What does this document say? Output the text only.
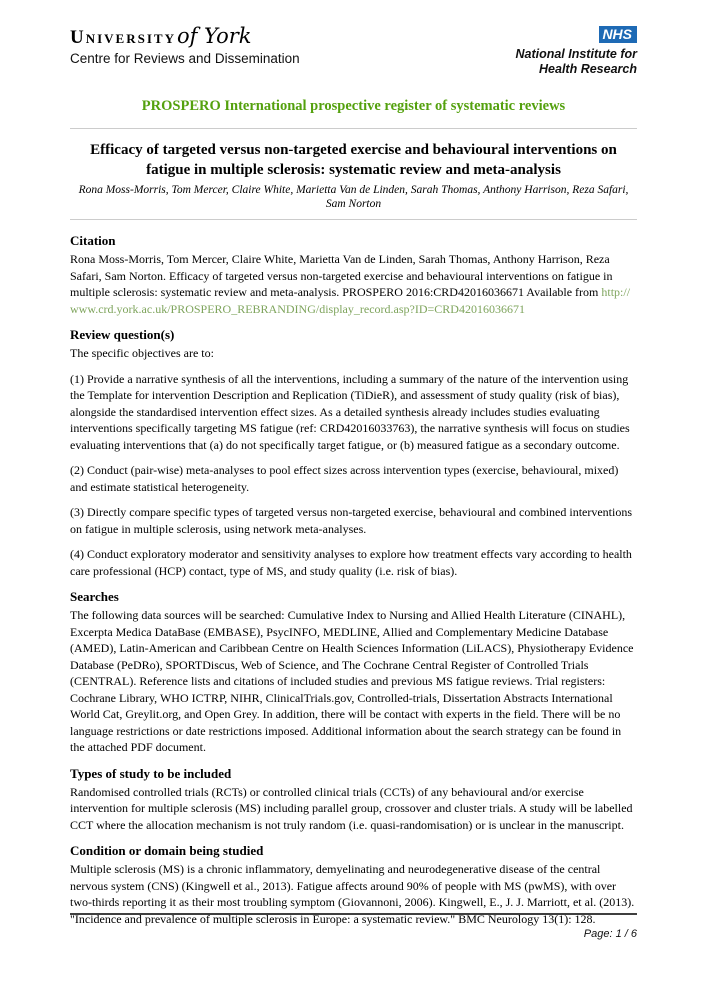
Universityof York
Centre for Reviews and Dissemination
NHS
National Institute for
Health Research
PROSPERO International prospective register of systematic reviews
Efficacy of targeted versus non-targeted exercise and behavioural interventions on fatigue in multiple sclerosis: systematic review and meta-analysis
Rona Moss-Morris, Tom Mercer, Claire White, Marietta Van de Linden, Sarah Thomas, Anthony Harrison, Reza Safari, Sam Norton
Citation

Rona Moss-Morris, Tom Mercer, Claire White, Marietta Van de Linden, Sarah Thomas, Anthony Harrison, Reza Safari, Sam Norton. Efficacy of targeted versus non-targeted exercise and behavioural interventions on fatigue in multiple sclerosis: systematic review and meta-analysis. PROSPERO 2016:CRD42016036671 Available from http://www.crd.york.ac.uk/PROSPERO_REBRANDING/display_record.asp?ID=CRD42016036671

Review question(s)

The specific objectives are to:

(1) Provide a narrative synthesis of all the interventions, including a summary of the nature of the intervention using the Template for intervention Description and Replication (TiDieR), and assessment of study quality (risk of bias), alongside the standardised intervention effect sizes. As a detailed synthesis already includes studies evaluating interventions specifically targeting MS fatigue (ref: CRD42016033763), the narrative synthesis will focus on studies evaluating interventions that (a) do not specifically target fatigue, or (b) measured fatigue as a secondary outcome.

(2) Conduct (pair-wise) meta-analyses to pool effect sizes across intervention types (exercise, behavioural, mixed) and estimate statistical heterogeneity.

(3) Directly compare specific types of targeted versus non-targeted exercise, behavioural and combined interventions on fatigue in multiple sclerosis, using network meta-analyses.

(4) Conduct exploratory moderator and sensitivity analyses to explore how treatment effects vary according to health care professional (HCP) contact, type of MS, and study quality (i.e. risk of bias).

Searches

The following data sources will be searched: Cumulative Index to Nursing and Allied Health Literature (CINAHL), Excerpta Medica DataBase (EMBASE), PsycINFO, MEDLINE, Allied and Complementary Medicine Database (AMED), Latin-American and Caribbean Centre on Health Sciences Information (LiLACS), Physiotherapy Evidence Database (PeDRo), SPORTDiscus, Web of Science, and The Cochrane Central Register of Controlled Trials (CENTRAL). Reference lists and citations of included studies and previous MS fatigue reviews. Trial registers: Cochrane Library, WHO ICTRP, NIHR, ClinicalTrials.gov, Controlled-trials, Dissertation Abstracts International World Cat, Greylit.org, and Open Grey. In addition, there will be contact with experts in the field. There will be no language restrictions or date restrictions imposed. Additional information about the search strategy can be found in the attached PDF document.

Types of study to be included

Randomised controlled trials (RCTs) or controlled clinical trials (CCTs) of any behavioural and/or exercise intervention for multiple sclerosis (MS) including parallel group, crossover and cluster trials. A study will be labelled CCT where the allocation mechanism is not truly random (i.e. quasi-randomisation) or is unclear in the manuscript.

Condition or domain being studied

Multiple sclerosis (MS) is a chronic inflammatory, demyelinating and neurodegenerative disease of the central nervous system (CNS) (Kingwell et al., 2013). Fatigue affects around 90% of people with MS (pwMS), with over two-thirds reporting it as their most troubling symptom (Giovannoni, 2006). Kingwell, E., J. J. Marriott, et al. (2013). "Incidence and prevalence of multiple sclerosis in Europe: a systematic review." BMC Neurology 13(1): 128.

Page: 1 / 6
